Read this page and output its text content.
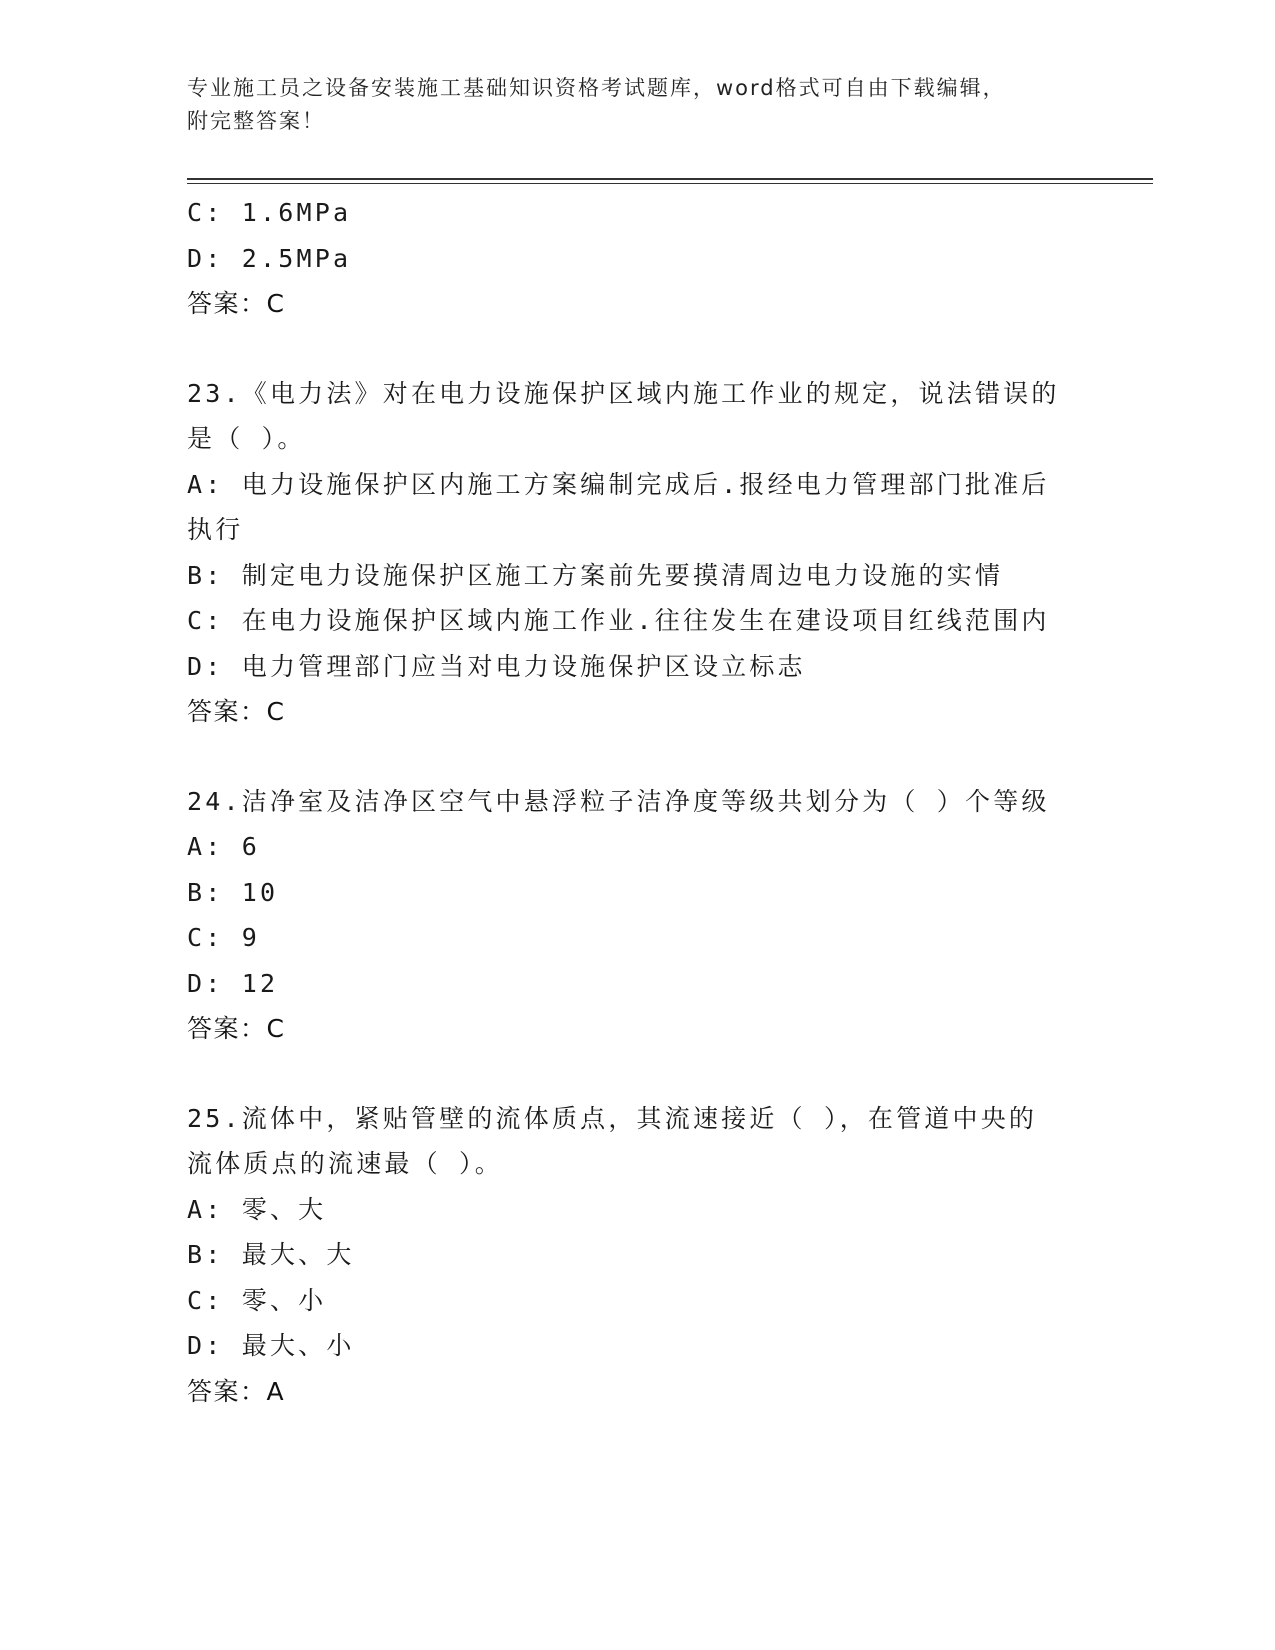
专业施工员之设备安装施工基础知识资格考试题库，word格式可自由下载编辑，
附完整答案！
C: 1.6MPa
D: 2.5MPa
答案：C
23.《电力法》对在电力设施保护区域内施工作业的规定，说法错误的
是（ ）。
A: 电力设施保护区内施工方案编制完成后.报经电力管理部门批准后
执行
B: 制定电力设施保护区施工方案前先要摸清周边电力设施的实情
C: 在电力设施保护区域内施工作业.往往发生在建设项目红线范围内
D: 电力管理部门应当对电力设施保护区设立标志
答案：C
24.洁净室及洁净区空气中悬浮粒子洁净度等级共划分为（ ）个等级
A: 6
B: 10
C: 9
D: 12
答案：C
25.流体中，紧贴管壁的流体质点，其流速接近（ ），在管道中央的
流体质点的流速最（ ）。
A: 零、大
B: 最大、大
C: 零、小
D: 最大、小
答案：A
